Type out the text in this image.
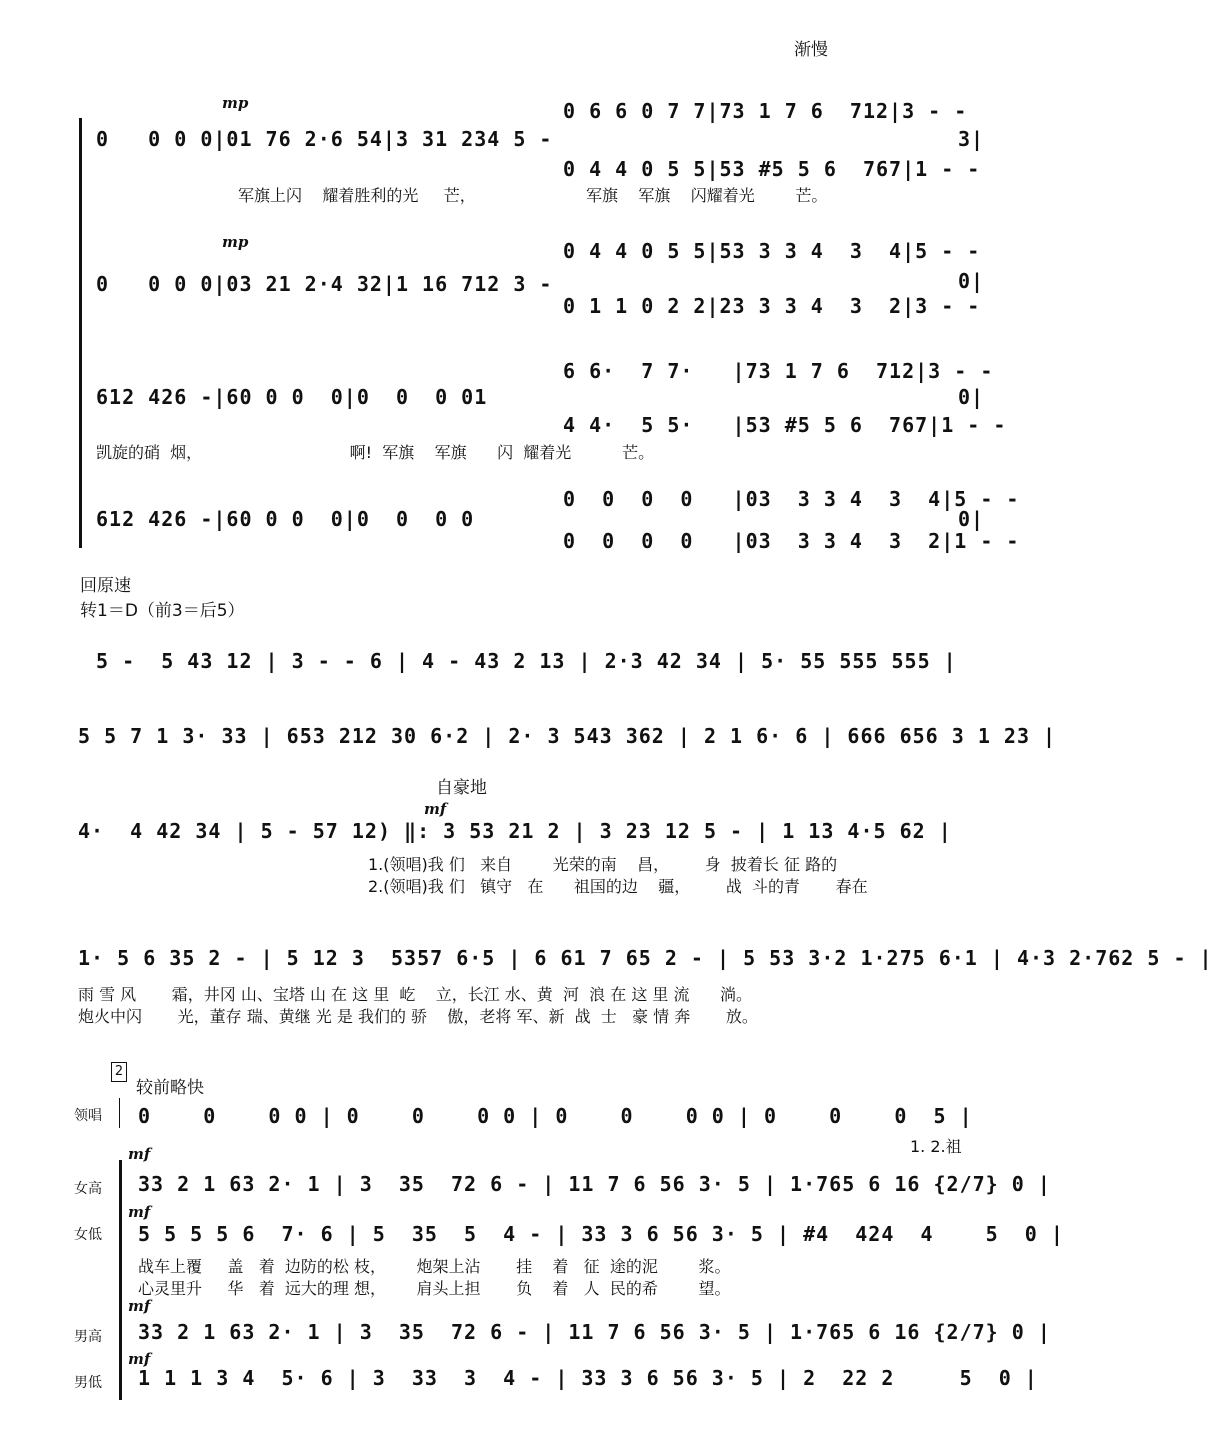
渐慢
mp
mp
0   0 0 0|01 76 2·6 54|3 31 234 5 -
0 6 6 0 7 7|73 1 7 6  712|3 - -
0 4 4 0 5 5|53 #5 5 6  767|1 - -
3|
军旗上闪    耀着胜利的光     芒，	军旗    军旗    闪耀着光        芒。
0   0 0 0|03 21 2·4 32|1 16 712 3 -
0 4 4 0 5 5|53 3 3 4  3  4|5 - -
0 1 1 0 2 2|23 3 3 4  3  2|3 - -
0|
612 426 -|60 0 0  0|0  0  0 01
6 6·  7 7·   |73 1 7 6  712|3 - -
4 4·  5 5·   |53 #5 5 6  767|1 - -
0|
凯旋的硝  烟，                             啊!  军旗    军旗      闪  耀着光          芒。
612 426 -|60 0 0  0|0  0  0 0
0  0  0  0   |03  3 3 4  3  4|5 - -
0  0  0  0   |03  3 3 4  3  2|1 - -
0|
回原速
转1＝D（前3＝后5）
5 -  5 43 12 | 3 - - 6 | 4 - 43 2 13 | 2·3 42 34 | 5· 55 555 555 |
5 5 7 1 3· 33 | 653 212 30 6·2 | 2· 3 543 362 | 2 1 6· 6 | 666 656 3 1 23 |
自豪地
mf
4·  4 42 34 | 5 - 57 12) ‖: 3 53 21 2 | 3 23 12 5 - | 1 13 4·5 62 |
1.(领唱)我 们   来自        光荣的南    昌，       身  披着长 征 路的
2.(领唱)我 们   镇守   在      祖国的边    疆，       战  斗的青       春在
1· 5 6 35 2 - | 5 12 3  5357 6·5 | 6 61 7 65 2 - | 5 53 3·2 1·275 6·1 | 4·3 2·762 5 - |
雨 雪 风       霜，井冈 山、宝塔 山 在 这 里  屹    立，长江 水、黄  河  浪 在 这 里 流      淌。
炮火中闪       光，董存 瑞、黄继 光 是 我们的 骄    傲，老将 军、新  战  士   豪 情 奔       放。
2
较前略快
领唱 0    0    0 0 | 0    0    0 0 | 0    0    0 0 | 0    0    0  5 |
1. 2.祖
mf
女高 33 2 1 63 2· 1 | 3  35  72 6 - | 11 7 6 56 3· 5 | 1·765 6 16 {2/7} 0 |
mf
女低 5 5 5 5 6  7· 6 | 5  35  5  4 - | 33 3 6 56 3· 5 | #4  424  4    5  0 |
战车上覆     盖   着  边防的松 枝，      炮架上沾       挂    着   征  途的泥        浆。
心灵里升     华   着  远大的理 想，      肩头上担       负    着   人  民的希        望。
mf
男高 33 2 1 63 2· 1 | 3  35  72 6 - | 11 7 6 56 3· 5 | 1·765 6 16 {2/7} 0 |
mf
男低 1 1 1 3 4  5· 6 | 3  33  3  4 - | 33 3 6 56 3· 5 | 2  22 2     5  0 |
